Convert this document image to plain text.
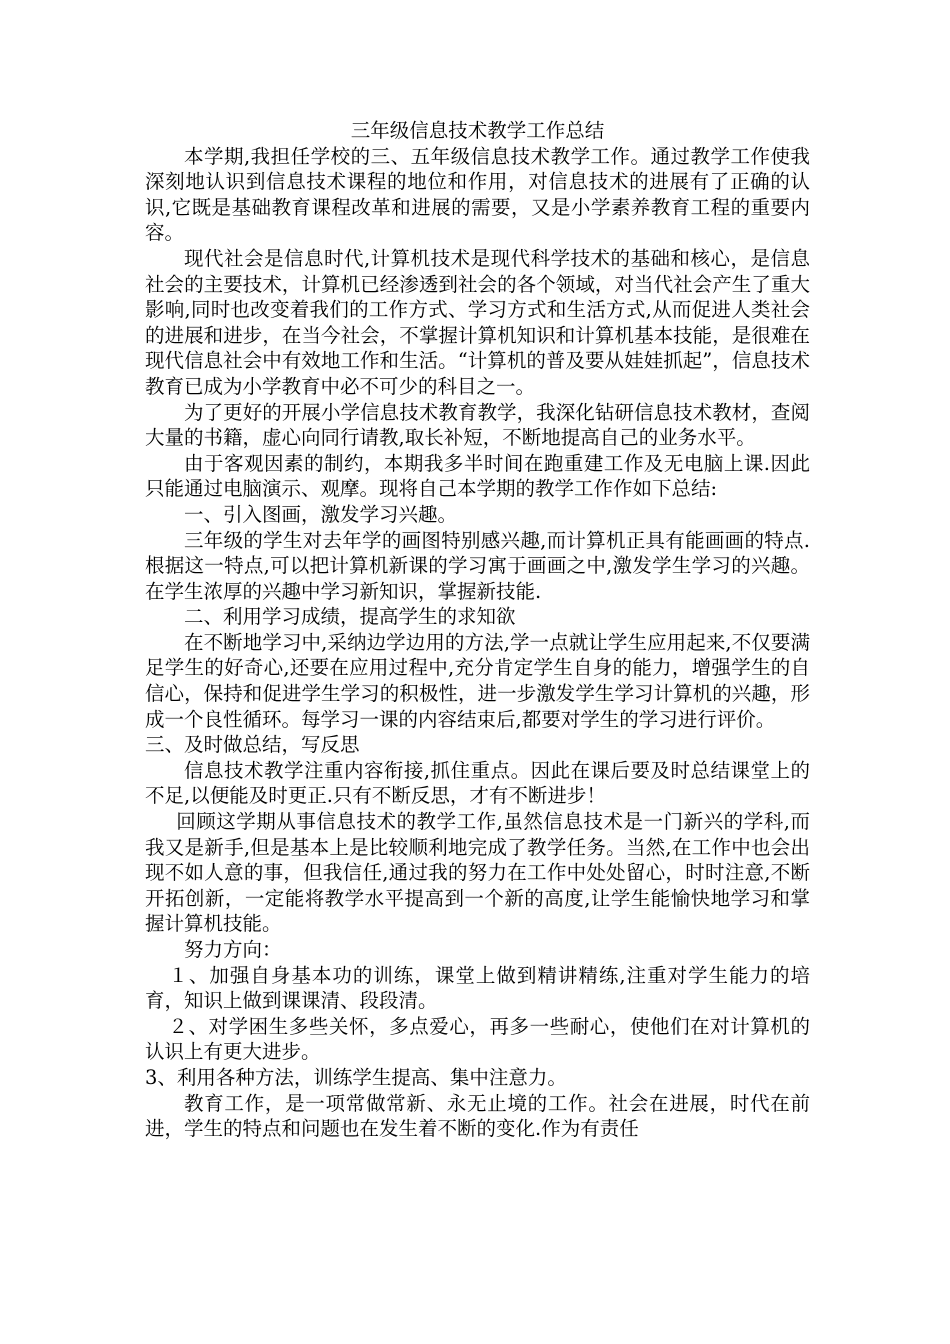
三年级信息技术教学工作总结

本学期,我担任学校的三、五年级信息技术教学工作。通过教学工作使我深刻地认识到信息技术课程的地位和作用，对信息技术的进展有了正确的认识,它既是基础教育课程改革和进展的需要，又是小学素养教育工程的重要内容。

现代社会是信息时代,计算机技术是现代科学技术的基础和核心，是信息社会的主要技术，计算机已经渗透到社会的各个领域，对当代社会产生了重大影响,同时也改变着我们的工作方式、学习方式和生活方式,从而促进人类社会的进展和进步，在当今社会，不掌握计算机知识和计算机基本技能，是很难在现代信息社会中有效地工作和生活。“计算机的普及要从娃娃抓起”，信息技术教育已成为小学教育中必不可少的科目之一。

为了更好的开展小学信息技术教育教学，我深化钻研信息技术教材，查阅大量的书籍，虚心向同行请教,取长补短，不断地提高自己的业务水平。

由于客观因素的制约，本期我多半时间在跑重建工作及无电脑上课.因此只能通过电脑演示、观摩。现将自己本学期的教学工作作如下总结:

一、引入图画，激发学习兴趣。

三年级的学生对去年学的画图特别感兴趣,而计算机正具有能画画的特点.根据这一特点,可以把计算机新课的学习寓于画画之中,激发学生学习的兴趣。在学生浓厚的兴趣中学习新知识，掌握新技能.

二、利用学习成绩，提高学生的求知欲

在不断地学习中,采纳边学边用的方法,学一点就让学生应用起来,不仅要满足学生的好奇心,还要在应用过程中,充分肯定学生自身的能力，增强学生的自信心，保持和促进学生学习的积极性，进一步激发学生学习计算机的兴趣，形成一个良性循环。每学习一课的内容结束后,都要对学生的学习进行评价。

三、及时做总结，写反思

信息技术教学注重内容衔接,抓住重点。因此在课后要及时总结课堂上的不足,以便能及时更正.只有不断反思，才有不断进步！

回顾这学期从事信息技术的教学工作,虽然信息技术是一门新兴的学科,而我又是新手,但是基本上是比较顺利地完成了教学任务。当然,在工作中也会出现不如人意的事，但我信任,通过我的努力在工作中处处留心，时时注意,不断开拓创新，一定能将教学水平提高到一个新的高度,让学生能愉快地学习和掌握计算机技能。

努力方向：

１、加强自身基本功的训练，课堂上做到精讲精练,注重对学生能力的培育，知识上做到课课清、段段清。

２、对学困生多些关怀，多点爱心，再多一些耐心，使他们在对计算机的认识上有更大进步。

3、利用各种方法，训练学生提高、集中注意力。

教育工作，是一项常做常新、永无止境的工作。社会在进展，时代在前进，学生的特点和问题也在发生着不断的变化.作为有责任
